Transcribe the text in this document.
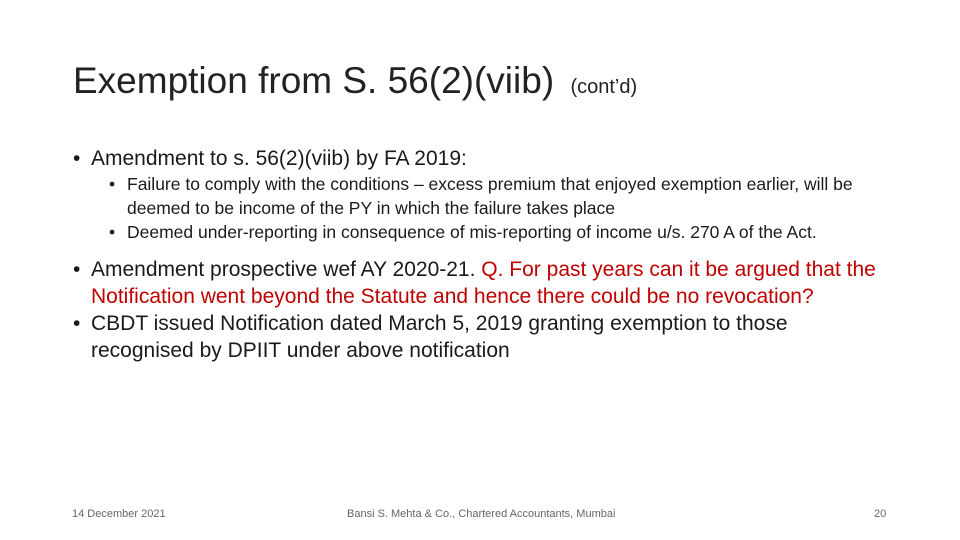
Exemption from S. 56(2)(viib) (cont’d)
• Amendment to s. 56(2)(viib) by FA 2019:
• Failure to comply with the conditions – excess premium that enjoyed exemption earlier, will be deemed to be income of the PY in which the failure takes place
• Deemed under-reporting in consequence of mis-reporting of income u/s. 270 A of the Act.
• Amendment prospective wef AY 2020-21. Q. For past years can it be argued that the Notification went beyond the Statute and hence there could be no revocation?
• CBDT issued Notification dated March 5, 2019 granting exemption to those recognised by DPIIT under above notification
14 December 2021	Bansi S. Mehta & Co., Chartered Accountants, Mumbai	20
